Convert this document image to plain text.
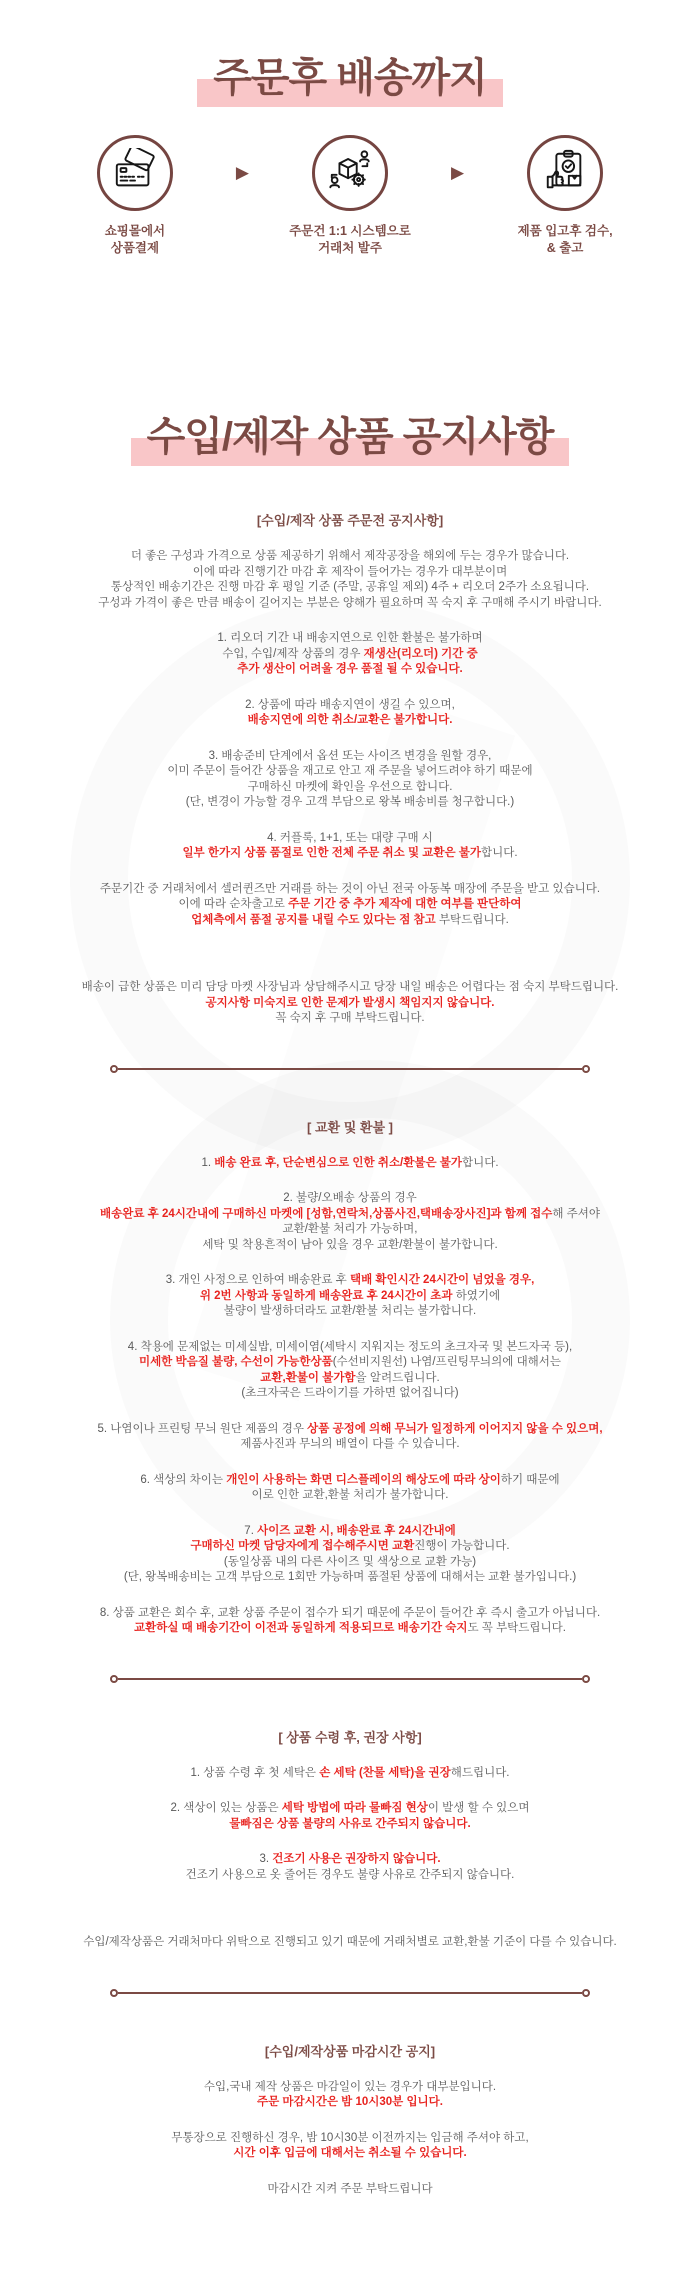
주문후 배송까지
쇼핑몰에서
상품결제
▶
주문건 1:1 시스템으로
거래처 발주
▶
제품 입고후 검수,
& 출고
수입/제작 상품 공지사항
[수입/제작 상품 주문전 공지사항]
더 좋은 구성과 가격으로 상품 제공하기 위해서 제작공장을 해외에 두는 경우가 많습니다.
이에 따라 진행기간 마감 후 제작이 들어가는 경우가 대부분이며
통상적인 배송기간은 진행 마감 후 평일 기준 (주말, 공휴일 제외) 4주 + 리오더 2주가 소요됩니다.
구성과 가격이 좋은 만큼 배송이 길어지는 부분은 양해가 필요하며 꼭 숙지 후 구매해 주시기 바랍니다.
1. 리오더 기간 내 배송지연으로 인한 환불은 불가하며
수입, 수입/제작 상품의 경우 재생산(리오더) 기간 중
추가 생산이 어려울 경우 품절 될 수 있습니다.
2. 상품에 따라 배송지연이 생길 수 있으며,
배송지연에 의한 취소/교환은 불가합니다.
3. 배송준비 단계에서 옵션 또는 사이즈 변경을 원할 경우,
이미 주문이 들어간 상품을 재고로 안고 재 주문을 넣어드려야 하기 때문에
구매하신 마켓에 확인을 우선으로 합니다.
(단, 변경이 가능할 경우 고객 부담으로 왕복 배송비를 청구합니다.)
4. 커플룩, 1+1, 또는 대량 구매 시
일부 한가지 상품 품절로 인한 전체 주문 취소 및 교환은 불가합니다.
주문기간 중 거래처에서 셀러퀸즈만 거래를 하는 것이 아닌 전국 아동복 매장에 주문을 받고 있습니다.
이에 따라 순차출고로 주문 기간 중 추가 제작에 대한 여부를 판단하여
업체측에서 품절 공지를 내릴 수도 있다는 점 참고 부탁드립니다.
배송이 급한 상품은 미리 담당 마켓 사장님과 상담해주시고 당장 내일 배송은 어렵다는 점 숙지 부탁드립니다.
공지사항 미숙지로 인한 문제가 발생시 책임지지 않습니다.
꼭 숙지 후 구매 부탁드립니다.
[ 교환 및 환불 ]
1. 배송 완료 후, 단순변심으로 인한 취소/환불은 불가합니다.
2. 불량/오배송 상품의 경우
배송완료 후 24시간내에 구매하신 마켓에 [성함,연락처,상품사진,택배송장사진]과 함께 접수해 주셔야
교환/환불 처리가 가능하며,
세탁 및 착용흔적이 남아 있을 경우 교환/환불이 불가합니다.
3. 개인 사정으로 인하여 배송완료 후 택배 확인시간 24시간이 넘었을 경우,
위 2번 사항과 동일하게 배송완료 후 24시간이 초과 하였기에
불량이 발생하더라도 교환/환불 처리는 불가합니다.
4. 착용에 문제없는 미세실밥, 미세이염(세탁시 지워지는 정도의 초크자국 및 본드자국 등),
미세한 박음질 불량, 수선이 가능한상품(수선비지원선) 나염/프린팅무늬의에 대해서는
교환,환불이 불가함을 알려드립니다.
(초크자국은 드라이기를 가하면 없어집니다)
5. 나염이나 프린팅 무늬 원단 제품의 경우 상품 공정에 의해 무늬가 일정하게 이어지지 않을 수 있으며,
제품사진과 무늬의 배열이 다를 수 있습니다.
6. 색상의 차이는 개인이 사용하는 화면 디스플레이의 해상도에 따라 상이하기 때문에
이로 인한 교환,환불 처리가 불가합니다.
7. 사이즈 교환 시, 배송완료 후 24시간내에
구매하신 마켓 담당자에게 접수해주시면 교환진행이 가능합니다.
(동일상품 내의 다른 사이즈 및 색상으로 교환 가능)
(단, 왕복배송비는 고객 부담으로 1회만 가능하며 품절된 상품에 대해서는 교환 불가입니다.)
8. 상품 교환은 회수 후, 교환 상품 주문이 접수가 되기 때문에 주문이 들어간 후 즉시 출고가 아닙니다.
교환하실 때 배송기간이 이전과 동일하게 적용되므로 배송기간 숙지도 꼭 부탁드립니다.
[ 상품 수령 후, 권장 사항]
1. 상품 수령 후 첫 세탁은 손 세탁 (찬물 세탁)을 권장해드립니다.
2. 색상이 있는 상품은 세탁 방법에 따라 물빠짐 현상이 발생 할 수 있으며
물빠짐은 상품 불량의 사유로 간주되지 않습니다.
3. 건조기 사용은 권장하지 않습니다.
건조기 사용으로 옷 줄어든 경우도 불량 사유로 간주되지 않습니다.
수입/제작상품은 거래처마다 위탁으로 진행되고 있기 때문에 거래처별로 교환,환불 기준이 다를 수 있습니다.
[수입/제작상품 마감시간 공지]
수입,국내 제작 상품은 마감일이 있는 경우가 대부분입니다.
주문 마감시간은 밤 10시30분 입니다.
무통장으로 진행하신 경우, 밤 10시30분 이전까지는 입금해 주셔야 하고,
시간 이후 입금에 대해서는 취소될 수 있습니다.
마감시간 지켜 주문 부탁드립니다
